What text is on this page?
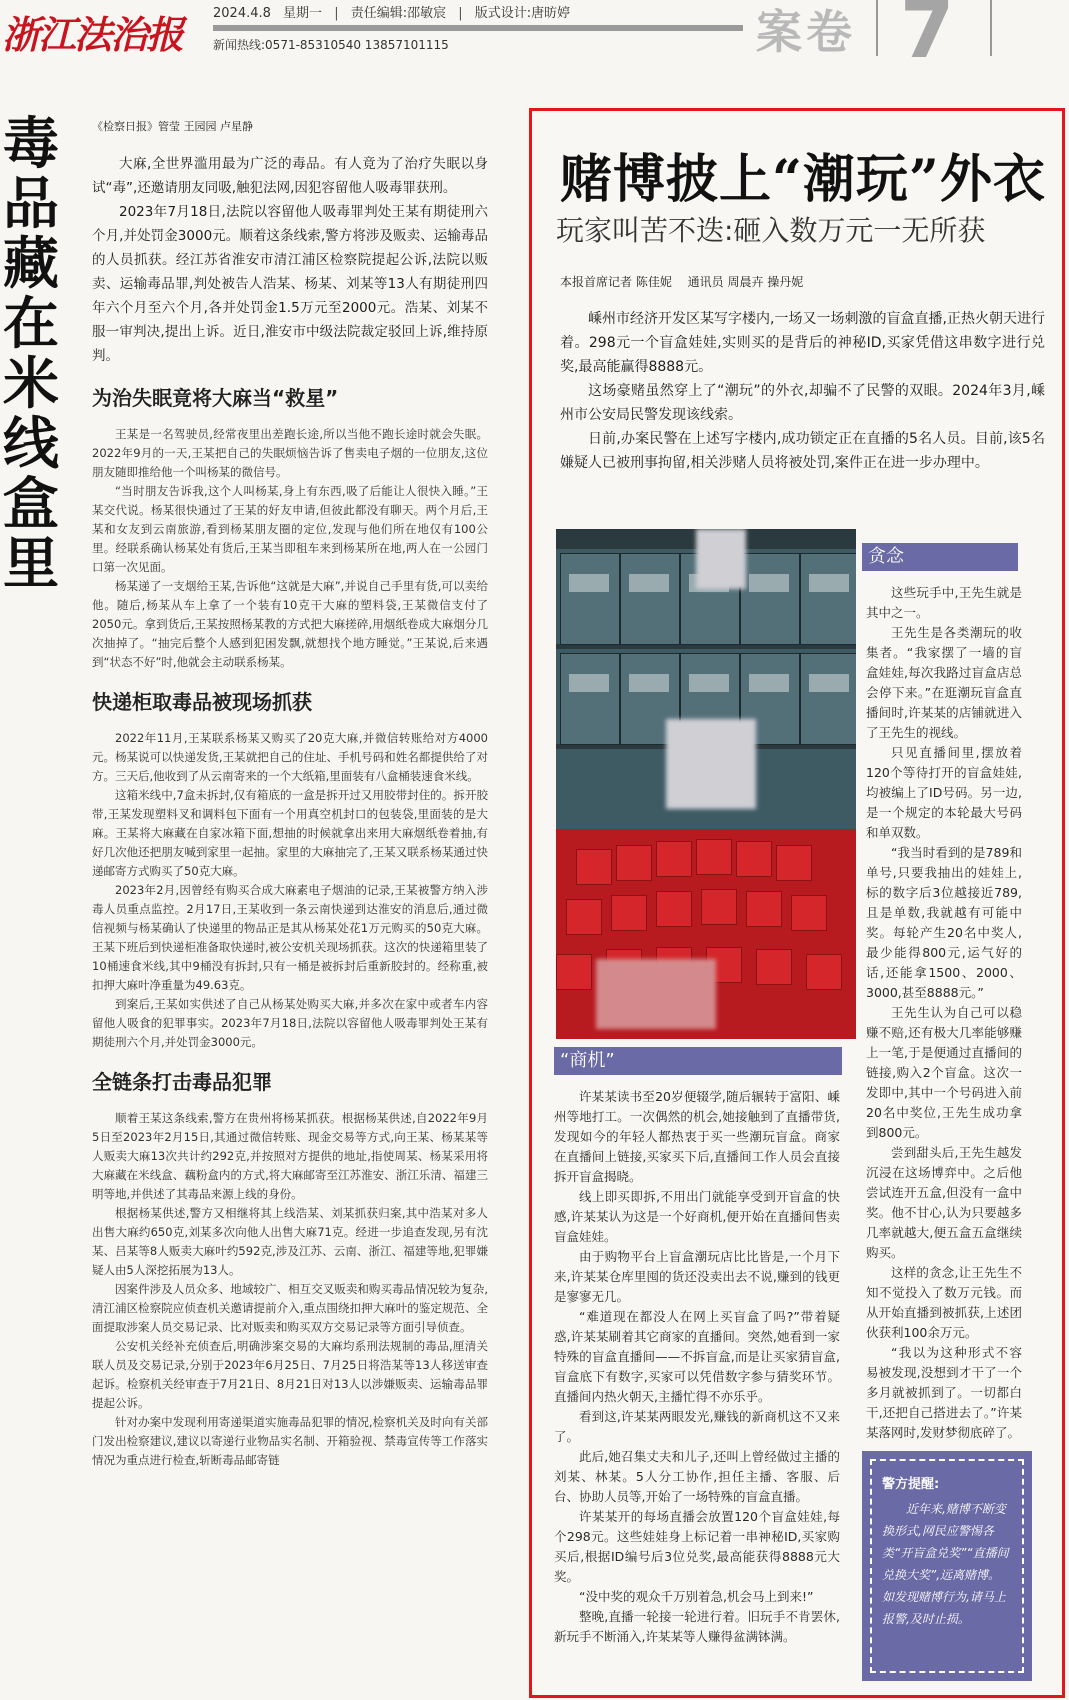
浙江法治报 2024.4.8 星期一 | 责任编辑:邵敏宸 | 版式设计:唐昉婷
新闻热线:0571-85310540 13857101115	案卷 7
毒
品
藏
在
米
线
盒
里
《检察日报》管莹 王园园 卢星静

大麻,全世界滥用最为广泛的毒品。有人竟为了治疗失眠以身试“毒”,还邀请朋友同吸,触犯法网,因犯容留他人吸毒罪获刑。

2023年7月18日,法院以容留他人吸毒罪判处王某有期徒刑六个月,并处罚金3000元。顺着这条线索,警方将涉及贩卖、运输毒品的人员抓获。经江苏省淮安市清江浦区检察院提起公诉,法院以贩卖、运输毒品罪,判处被告人浩某、杨某、刘某等13人有期徒刑四年六个月至六个月,各并处罚金1.5万元至2000元。浩某、刘某不服一审判决,提出上诉。近日,淮安市中级法院裁定驳回上诉,维持原判。

为治失眠竟将大麻当“救星”

王某是一名驾驶员,经常夜里出差跑长途,所以当他不跑长途时就会失眠。2022年9月的一天,王某把自己的失眠烦恼告诉了售卖电子烟的一位朋友,这位朋友随即推给他一个叫杨某的微信号。

“当时朋友告诉我,这个人叫杨某,身上有东西,吸了后能让人很快入睡。”王某交代说。杨某很快通过了王某的好友申请,但彼此都没有聊天。两个月后,王某和女友到云南旅游,看到杨某朋友圈的定位,发现与他们所在地仅有100公里。经联系确认杨某处有货后,王某当即租车来到杨某所在地,两人在一公园门口第一次见面。

杨某递了一支烟给王某,告诉他“这就是大麻”,并说自己手里有货,可以卖给他。随后,杨某从车上拿了一个装有10克干大麻的塑料袋,王某微信支付了2050元。拿到货后,王某按照杨某教的方式把大麻搓碎,用烟纸卷成大麻烟分几次抽掉了。“抽完后整个人感到犯困发飘,就想找个地方睡觉。”王某说,后来遇到“状态不好”时,他就会主动联系杨某。

快递柜取毒品被现场抓获

2022年11月,王某联系杨某又购买了20克大麻,并微信转账给对方4000元。杨某说可以快递发货,王某就把自己的住址、手机号码和姓名都提供给了对方。三天后,他收到了从云南寄来的一个大纸箱,里面装有八盒桶装速食米线。

这箱米线中,7盒未拆封,仅有箱底的一盒是拆开过又用胶带封住的。拆开胶带,王某发现塑料叉和调料包下面有一个用真空机封口的包装袋,里面装的是大麻。王某将大麻藏在自家冰箱下面,想抽的时候就拿出来用大麻烟纸卷着抽,有好几次他还把朋友喊到家里一起抽。家里的大麻抽完了,王某又联系杨某通过快递邮寄方式购买了50克大麻。

2023年2月,因曾经有购买合成大麻素电子烟油的记录,王某被警方纳入涉毒人员重点监控。2月17日,王某收到一条云南快递到达淮安的消息后,通过微信视频与杨某确认了快递里的物品正是其从杨某处花1万元购买的50克大麻。王某下班后到快递柜准备取快递时,被公安机关现场抓获。这次的快递箱里装了10桶速食米线,其中9桶没有拆封,只有一桶是被拆封后重新胶封的。经称重,被扣押大麻叶净重量为49.63克。

到案后,王某如实供述了自己从杨某处购买大麻,并多次在家中或者车内容留他人吸食的犯罪事实。2023年7月18日,法院以容留他人吸毒罪判处王某有期徒刑六个月,并处罚金3000元。

全链条打击毒品犯罪

顺着王某这条线索,警方在贵州将杨某抓获。根据杨某供述,自2022年9月5日至2023年2月15日,其通过微信转账、现金交易等方式,向王某、杨某某等人贩卖大麻13次共计约292克,并按照对方提供的地址,指使周某、杨某采用将大麻藏在米线盒、藕粉盒内的方式,将大麻邮寄至江苏淮安、浙江乐清、福建三明等地,并供述了其毒品来源上线的身份。

根据杨某供述,警方又相继将其上线浩某、刘某抓获归案,其中浩某对多人出售大麻约650克,刘某多次向他人出售大麻71克。经进一步追查发现,另有沈某、吕某等8人贩卖大麻叶约592克,涉及江苏、云南、浙江、福建等地,犯罪嫌疑人由5人深挖拓展为13人。

因案件涉及人员众多、地域较广、相互交叉贩卖和购买毒品情况较为复杂,清江浦区检察院应侦查机关邀请提前介入,重点围绕扣押大麻叶的鉴定规范、全面提取涉案人员交易记录、比对贩卖和购买双方交易记录等方面引导侦查。

公安机关经补充侦查后,明确涉案交易的大麻均系刑法规制的毒品,厘清关联人员及交易记录,分别于2023年6月25日、7月25日将浩某等13人移送审查起诉。检察机关经审查于7月21日、8月21日对13人以涉嫌贩卖、运输毒品罪提起公诉。

针对办案中发现利用寄递渠道实施毒品犯罪的情况,检察机关及时向有关部门发出检察建议,建议以寄递行业物品实名制、开箱验视、禁毒宣传等工作落实情况为重点进行检查,斩断毒品邮寄链

赌博披上“潮玩”外衣
玩家叫苦不迭:砸入数万元一无所获
本报首席记者 陈佳妮 通讯员 周晨卉 操丹妮

嵊州市经济开发区某写字楼内,一场又一场刺激的盲盒直播,正热火朝天进行着。298元一个盲盒娃娃,实则买的是背后的神秘ID,买家凭借这串数字进行兑奖,最高能赢得8888元。

这场豪赌虽然穿上了“潮玩”的外衣,却骗不了民警的双眼。2024年3月,嵊州市公安局民警发现该线索。

日前,办案民警在上述写字楼内,成功锁定正在直播的5名人员。目前,该5名嫌疑人已被刑事拘留,相关涉赌人员将被处罚,案件正在进一步办理中。

贪念

这些玩手中,王先生就是其中之一。

王先生是各类潮玩的收集者。“我家摆了一墙的盲盒娃娃,每次我路过盲盒店总会停下来。”在逛潮玩盲盒直播间时,许某某的店铺就进入了王先生的视线。

只见直播间里,摆放着120个等待打开的盲盒娃娃,均被编上了ID号码。另一边,是一个规定的本轮最大号码和单双数。

“我当时看到的是789和单号,只要我抽出的娃娃上,标的数字后3位越接近789,且是单数,我就越有可能中奖。每轮产生20名中奖人,最少能得800元,运气好的话,还能拿1500、2000、3000,甚至8888元。”

王先生认为自己可以稳赚不赔,还有极大几率能够赚上一笔,于是便通过直播间的链接,购入2个盲盒。这次一发即中,其中一个号码进入前20名中奖位,王先生成功拿到800元。

尝到甜头后,王先生越发沉浸在这场博弈中。之后他尝试连开五盒,但没有一盒中奖。他不甘心,认为只要越多几率就越大,便五盒五盒继续购买。

这样的贪念,让王先生不知不觉投入了数万元钱。而从开始直播到被抓获,上述团伙获利100余万元。

“我以为这种形式不容易被发现,没想到才干了一个多月就被抓到了。一切都白干,还把自己搭进去了。”许某某落网时,发财梦彻底碎了。

“商机”

许某某读书至20岁便辍学,随后辗转于富阳、嵊州等地打工。一次偶然的机会,她接触到了直播带货,发现如今的年轻人都热衷于买一些潮玩盲盒。商家在直播间上链接,买家买下后,直播间工作人员会直接拆开盲盒揭晓。

线上即买即拆,不用出门就能享受到开盲盒的快感,许某某认为这是一个好商机,便开始在直播间售卖盲盒娃娃。

由于购物平台上盲盒潮玩店比比皆是,一个月下来,许某某仓库里囤的货还没卖出去不说,赚到的钱更是寥寥无几。

“难道现在都没人在网上买盲盒了吗?”带着疑惑,许某某刷着其它商家的直播间。突然,她看到一家特殊的盲盒直播间——不拆盲盒,而是让买家猜盲盒,盲盒底下有数字,买家可以凭借数字参与猜奖环节。直播间内热火朝天,主播忙得不亦乐乎。

看到这,许某某两眼发光,赚钱的新商机这不又来了。

此后,她召集丈夫和儿子,还叫上曾经做过主播的刘某、林某。5人分工协作,担任主播、客服、后台、协助人员等,开始了一场特殊的盲盒直播。

许某某开的每场直播会放置120个盲盒娃娃,每个298元。这些娃娃身上标记着一串神秘ID,买家购买后,根据ID编号后3位兑奖,最高能获得8888元大奖。

“没中奖的观众千万别着急,机会马上到来!”

整晚,直播一轮接一轮进行着。旧玩手不肯罢休,新玩手不断涌入,许某某等人赚得盆满钵满。

警方提醒:

近年来,赌博不断变换形式,网民应警惕各类“开盲盒兑奖”“直播间兑换大奖”,远离赌博。如发现赌博行为,请马上报警,及时止损。
